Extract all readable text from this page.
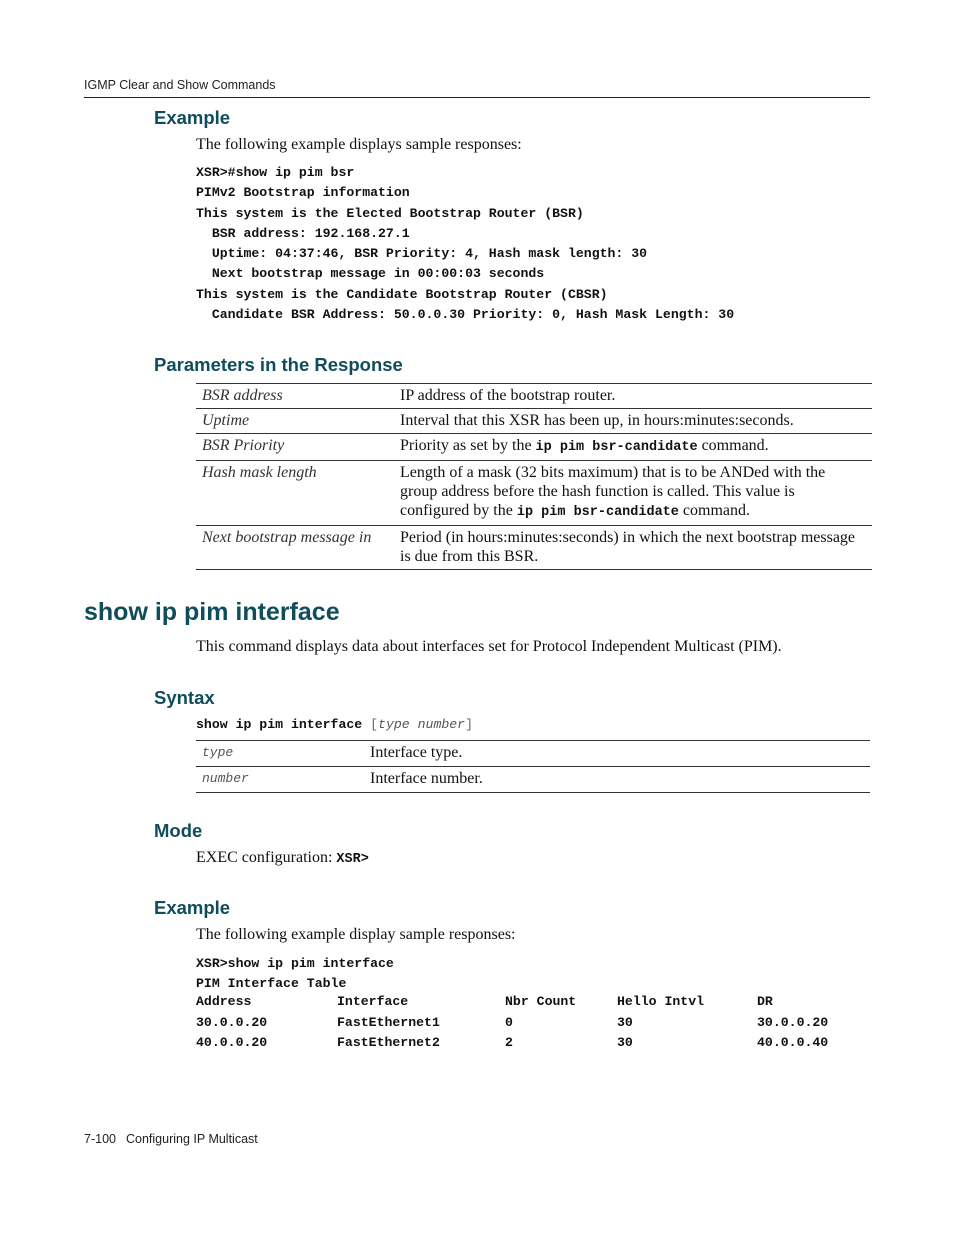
IGMP Clear and Show Commands
Example
The following example displays sample responses:
XSR>#show ip pim bsr
PIMv2 Bootstrap information
This system is the Elected Bootstrap Router (BSR)
BSR address: 192.168.27.1
Uptime: 04:37:46, BSR Priority: 4, Hash mask length: 30
Next bootstrap message in 00:00:03 seconds
This system is the Candidate Bootstrap Router (CBSR)
Candidate BSR Address: 50.0.0.30 Priority: 0, Hash Mask Length: 30
Parameters in the Response
BSR address	IP address of the bootstrap router.
Uptime	Interval that this XSR has been up, in hours:minutes:seconds.
BSR Priority	Priority as set by the ip pim bsr-candidate command.
Hash mask length	Length of a mask (32 bits maximum) that is to be ANDed with the group address before the hash function is called. This value is configured by the ip pim bsr-candidate command.
Next bootstrap message in	Period (in hours:minutes:seconds) in which the next bootstrap message is due from this BSR.
show ip pim interface
This command displays data about interfaces set for Protocol Independent Multicast (PIM).
Syntax
show ip pim interface [type number]
type	Interface type.
number	Interface number.
Mode
EXEC configuration: XSR>
Example
The following example display sample responses:
XSR>show ip pim interface
PIM Interface Table
Address	Interface	Nbr Count	Hello Intvl	DR
30.0.0.20	FastEthernet1	0	30	30.0.0.20
40.0.0.20	FastEthernet2	2	30	40.0.0.40
7-100 Configuring IP Multicast
